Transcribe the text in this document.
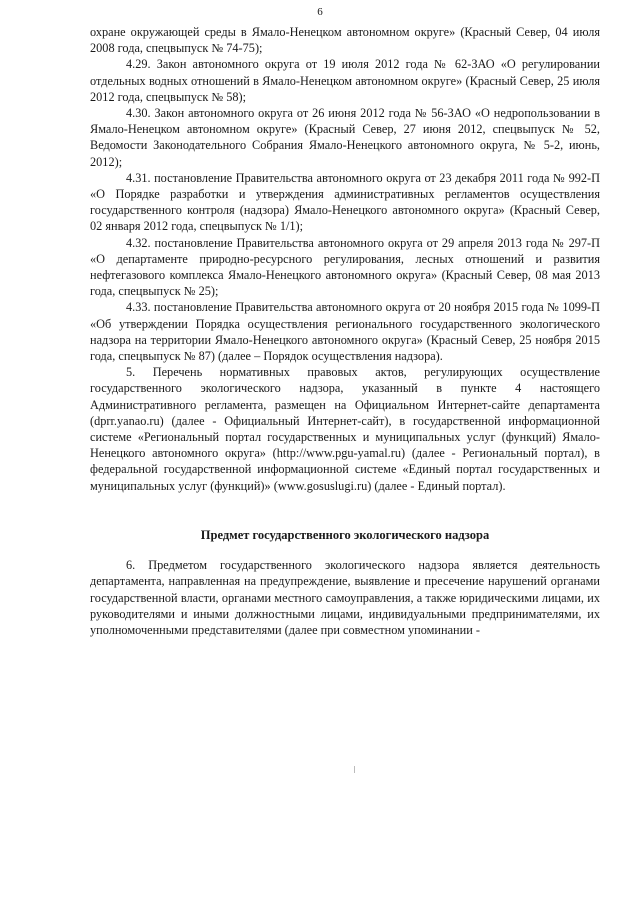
6

охране окружающей среды в Ямало-Ненецком автономном округе» (Красный Север, 04 июля 2008 года, спецвыпуск № 74-75);

4.29. Закон автономного округа от 19 июля 2012 года № 62-ЗАО «О регулировании отдельных водных отношений в Ямало-Ненецком автономном округе» (Красный Север, 25 июля 2012 года, спецвыпуск № 58);

4.30. Закон автономного округа от 26 июня 2012 года № 56-ЗАО «О недропользовании в Ямало-Ненецком автономном округе» (Красный Север, 27 июня 2012, спецвыпуск № 52, Ведомости Законодательного Собрания Ямало-Ненецкого автономного округа, № 5-2, июнь, 2012);

4.31. постановление Правительства автономного округа от 23 декабря 2011 года № 992-П «О Порядке разработки и утверждения административных регламентов осуществления государственного контроля (надзора) Ямало-Ненецкого автономного округа» (Красный Север, 02 января 2012 года, спецвыпуск № 1/1);

4.32. постановление Правительства автономного округа от 29 апреля 2013 года № 297-П «О департаменте природно-ресурсного регулирования, лесных отношений и развития нефтегазового комплекса Ямало-Ненецкого автономного округа» (Красный Север, 08 мая 2013 года, спецвыпуск № 25);

4.33. постановление Правительства автономного округа от 20 ноября 2015 года № 1099-П «Об утверждении Порядка осуществления регионального государственного экологического надзора на территории Ямало-Ненецкого автономного округа» (Красный Север, 25 ноября 2015 года, спецвыпуск № 87) (далее – Порядок осуществления надзора).

5. Перечень нормативных правовых актов, регулирующих осуществление государственного экологического надзора, указанный в пункте 4 настоящего Административного регламента, размещен на Официальном Интернет-сайте департамента (dprr.yanao.ru) (далее - Официальный Интернет-сайт), в государственной информационной системе «Региональный портал государственных и муниципальных услуг (функций) Ямало-Ненецкого автономного округа» (http://www.pgu-yamal.ru) (далее - Региональный портал), в федеральной государственной информационной системе «Единый портал государственных и муниципальных услуг (функций)» (www.gosuslugi.ru) (далее - Единый портал).

Предмет государственного экологического надзора

6. Предметом государственного экологического надзора является деятельность департамента, направленная на предупреждение, выявление и пресечение нарушений органами государственной власти, органами местного самоуправления, а также юридическими лицами, их руководителями и иными должностными лицами, индивидуальными предпринимателями, их уполномоченными представителями (далее при совместном упоминании -
